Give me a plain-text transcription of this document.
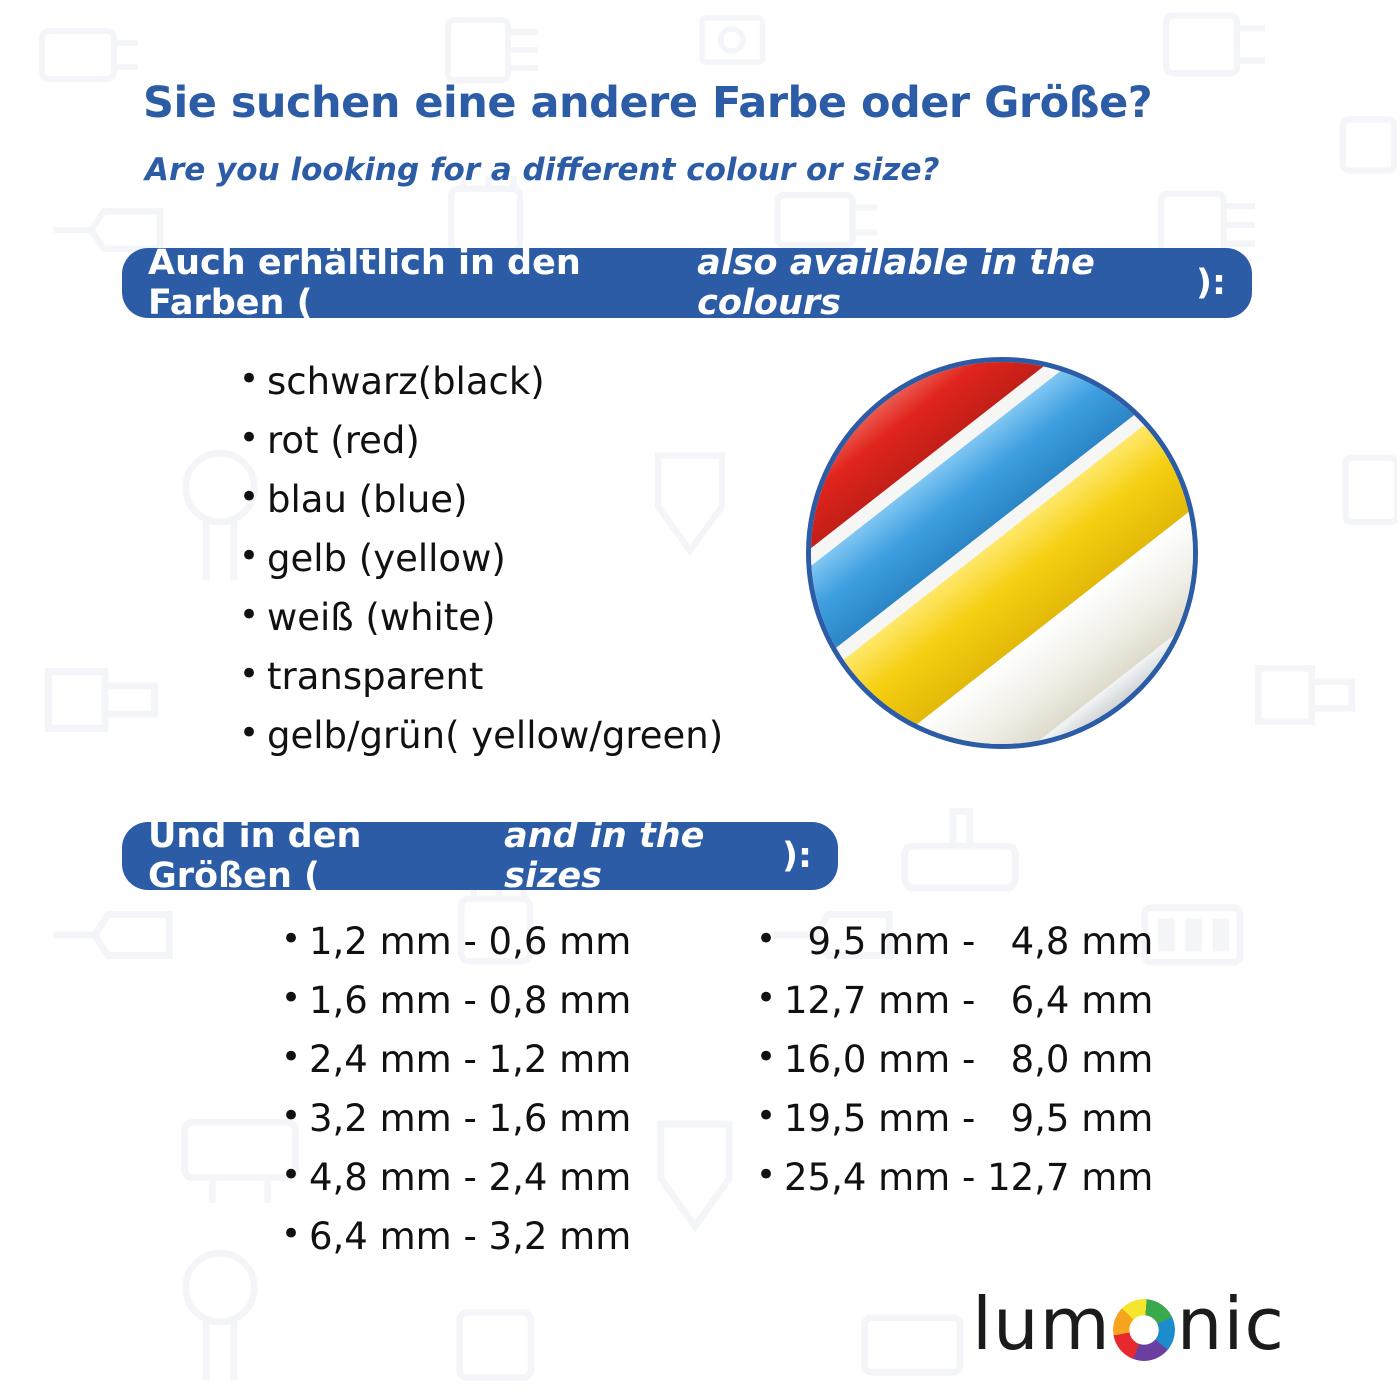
Sie suchen eine andere Farbe oder Größe?
Are you looking for a different colour or size?
Auch erhältlich in den Farben (
also available in the colours	):
• schwarz(black)
• rot (red)
• blau (blue)
• gelb (yellow)
• weiß (white)
• transparent
• gelb/grün( yellow/green)
Und in den Größen (
and in the sizes	):
• 1,2 mm - 0,6 mm
• 1,6 mm - 0,8 mm
• 2,4 mm - 1,2 mm
• 3,2 mm - 1,6 mm
• 4,8 mm - 2,4 mm
• 6,4 mm - 3,2 mm
•   9,5 mm -   4,8 mm
• 12,7 mm -   6,4 mm
• 16,0 mm -   8,0 mm
• 19,5 mm -   9,5 mm
• 25,4 mm - 12,7 mm
lum nic
